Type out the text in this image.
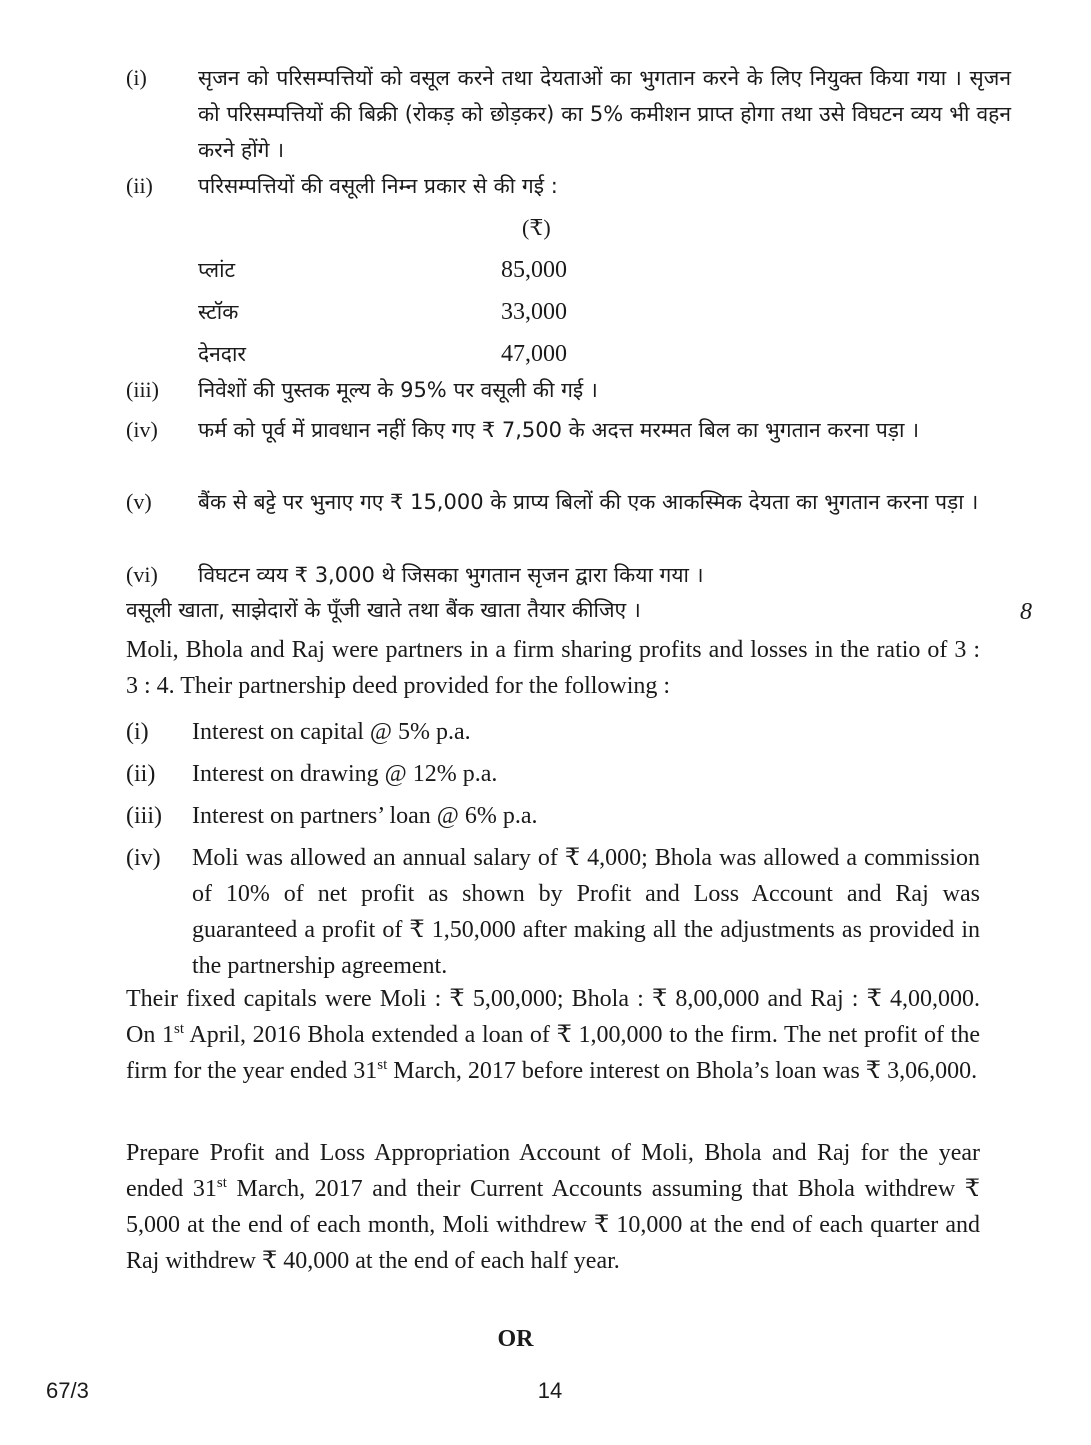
(i)	सृजन को परिसम्पत्तियों को वसूल करने तथा देयताओं का भुगतान करने के लिए नियुक्त किया गया । सृजन को परिसम्पत्तियों की बिक्री (रोकड़ को छोड़कर) का 5% कमीशन प्राप्त होगा तथा उसे विघटन व्यय भी वहन करने होंगे ।
(ii)	परिसम्पत्तियों की वसूली निम्न प्रकार से की गई :
(₹)
प्लांट	85,000
स्टॉक	33,000
देनदार	47,000
(iii)	निवेशों की पुस्तक मूल्य के 95% पर वसूली की गई ।
(iv)	फर्म को पूर्व में प्रावधान नहीं किए गए ₹ 7,500 के अदत्त मरम्मत बिल का भुगतान करना पड़ा ।
(v)	बैंक से बट्टे पर भुनाए गए ₹ 15,000 के प्राप्य बिलों की एक आकस्मिक देयता का भुगतान करना पड़ा ।
(vi)	विघटन व्यय ₹ 3,000 थे जिसका भुगतान सृजन द्वारा किया गया ।
वसूली खाता, साझेदारों के पूँजी खाते तथा बैंक खाता तैयार कीजिए ।	8
Moli, Bhola and Raj were partners in a firm sharing profits and losses in the ratio of 3 : 3 : 4. Their partnership deed provided for the following :
(i)	Interest on capital @ 5% p.a.
(ii)	Interest on drawing @ 12% p.a.
(iii)	Interest on partners’ loan @ 6% p.a.
(iv)	Moli was allowed an annual salary of ₹ 4,000; Bhola was allowed a commission of 10% of net profit as shown by Profit and Loss Account and Raj was guaranteed a profit of ₹ 1,50,000 after making all the adjustments as provided in the partnership agreement.
Their fixed capitals were Moli : ₹ 5,00,000; Bhola : ₹ 8,00,000 and Raj : ₹ 4,00,000. On 1st April, 2016 Bhola extended a loan of ₹ 1,00,000 to the firm. The net profit of the firm for the year ended 31st March, 2017 before interest on Bhola’s loan was ₹ 3,06,000.
Prepare Profit and Loss Appropriation Account of Moli, Bhola and Raj for the year ended 31st March, 2017 and their Current Accounts assuming that Bhola withdrew ₹ 5,000 at the end of each month, Moli withdrew ₹ 10,000 at the end of each quarter and Raj withdrew ₹ 40,000 at the end of each half year.
OR
67/3	14
